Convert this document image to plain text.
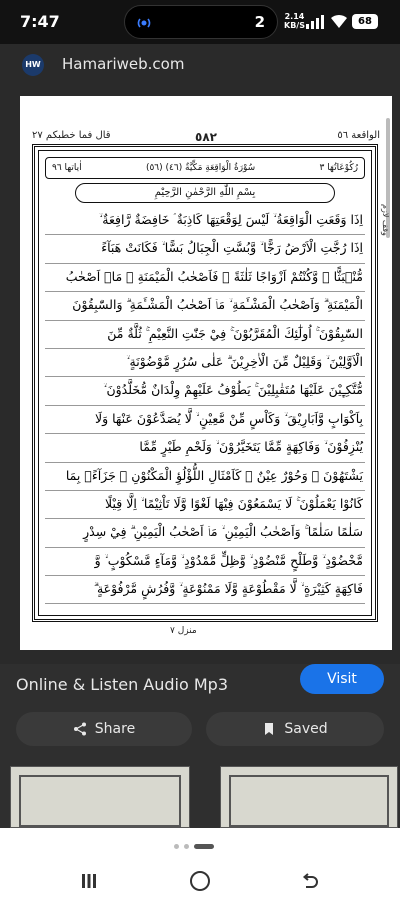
7:47	2 2.14
KB/S	68
HW Hamariweb.com
قال فما خطبكم ٢٧	٥٨٢	الواقعة ٥٦
اٰياتها ٩٦	(٥٦) سُوْرَةُ الْوَاقِعَةِ مَكِّيَّةٌ (٤٦)	رُكُوْعَاتُهَا ٣
بِسْمِ اللّٰهِ الرَّحْمٰنِ الرَّحِيْمِ
اِذَا وَقَعَتِ الْوَاقِعَةُ ۙ لَيْسَ لِوَقْعَتِهَا كَاذِبَةٌ ۘ خَافِضَةٌ رَّافِعَةٌ ۙ
اِذَا رُجَّتِ الْاَرْضُ رَجًّا ۙ وَّبُسَّتِ الْجِبَالُ بَسًّا ۙ فَكَانَتْ هَبَآءً
مُّنْۢبَثًّا ۙ وَّكُنْتُمْ اَزْوَاجًا ثَلٰثَةً ۗ فَاَصْحٰبُ الْمَيْمَنَةِ ۙ مَاۤ اَصْحٰبُ
الْمَيْمَنَةِ ۗ وَاَصْحٰبُ الْمَشْـَٔمَةِ ۙ مَاۤ اَصْحٰبُ الْمَشْـَٔمَةِ ۗ وَالسّٰبِقُوْنَ
السّٰبِقُوْنَ ۚ اُولٰٓئِكَ الْمُقَرَّبُوْنَ ۚ فِيْ جَنّٰتِ النَّعِيْمِ ۚ ثُلَّةٌ مِّنَ
الْاَوَّلِيْنَ ۙ وَقَلِيْلٌ مِّنَ الْاٰخِرِيْنَ ۗ عَلٰى سُرُرٍ مَّوْضُوْنَةٍ ۙ
مُّتَّكِـِٕيْنَ عَلَيْهَا مُتَقٰبِلِيْنَ ۚ يَطُوْفُ عَلَيْهِمْ وِلْدَانٌ مُّخَلَّدُوْنَ ۙ
بِاَكْوَابٍ وَّاَبَارِيْقَ ۙ وَكَاْسٍ مِّنْ مَّعِيْنٍ ۙ لَّا يُصَدَّعُوْنَ عَنْهَا وَلَا
يُنْزِفُوْنَ ۙ وَفَاكِهَةٍ مِّمَّا يَتَخَيَّرُوْنَ ۙ وَلَحْمِ طَيْرٍ مِّمَّا
يَشْتَهُوْنَ ۗ وَحُوْرٌ عِيْنٌ ۙ كَاَمْثَالِ اللُّؤْلُؤِ الْمَكْنُوْنِ ۚ جَزَآءًۢ بِمَا
كَانُوْا يَعْمَلُوْنَ ۚ لَا يَسْمَعُوْنَ فِيْهَا لَغْوًا وَّلَا تَاْثِيْمًا ۙ اِلَّا قِيْلًا
سَلٰمًا سَلٰمًا ۚ وَاَصْحٰبُ الْيَمِيْنِ ۙ مَاۤ اَصْحٰبُ الْيَمِيْنِ ۗ فِيْ سِدْرٍ
مَّخْضُوْدٍ ۙ وَّطَلْحٍ مَّنْضُوْدٍ ۙ وَّظِلٍّ مَّمْدُوْدٍ ۙ وَّمَآءٍ مَّسْكُوْبٍ ۙ وَّ
فَاكِهَةٍ كَثِيْرَةٍ ۙ لَّا مَقْطُوْعَةٍ وَّلَا مَمْنُوْعَةٍ ۙ وَّفُرُشٍ مَّرْفُوْعَةٍ ۗ
وقف لازم
منزل ٧
Online & Listen Audio Mp3	Visit
Share	Saved
